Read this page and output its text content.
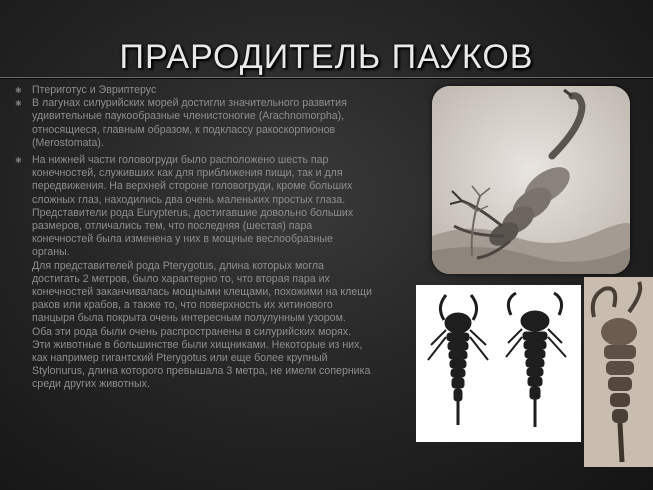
ПРАРОДИТЕЛЬ ПАУКОВ
✱ Птериготус и Эвриптерус
✱ В лагунах силурийских морей достигли значительного развития
удивительные паукообразные членистоногие (Arachnomorpha),
относящиеся, главным образом, к подклассу ракоскорпионов
(Merostomata).
✱ На нижней части головогруди было расположено шесть пар
конечностей, служивших как для приближения пищи, так и для
передвижения. На верхней стороне головогруди, кроме больших
сложных глаз, находились два очень маленьких простых глаза.
Представители рода Eurypterus, достигавшие довольно больших
размеров, отличались тем, что последняя (шестая) пара
конечностей была изменена у них в мощные веслообразные
органы.
Для представителей рода Pterygotus, длина которых могла
достигать 2 метров, было характерно то, что вторая пара их
конечностей заканчивалась мощными клещами, похожими на клещи
раков или крабов, а также то, что поверхность их хитинового
панцыря была покрыта очень интересным полулунным узором.
Оба эти рода были очень распространены в силурийских морях.
Эти животные в большинстве были хищниками. Некоторые из них,
как например гигантский Pterygotus или еще более крупный
Stylonurus, длина которого превышала 3 метра, не имели соперника
среди других животных.
